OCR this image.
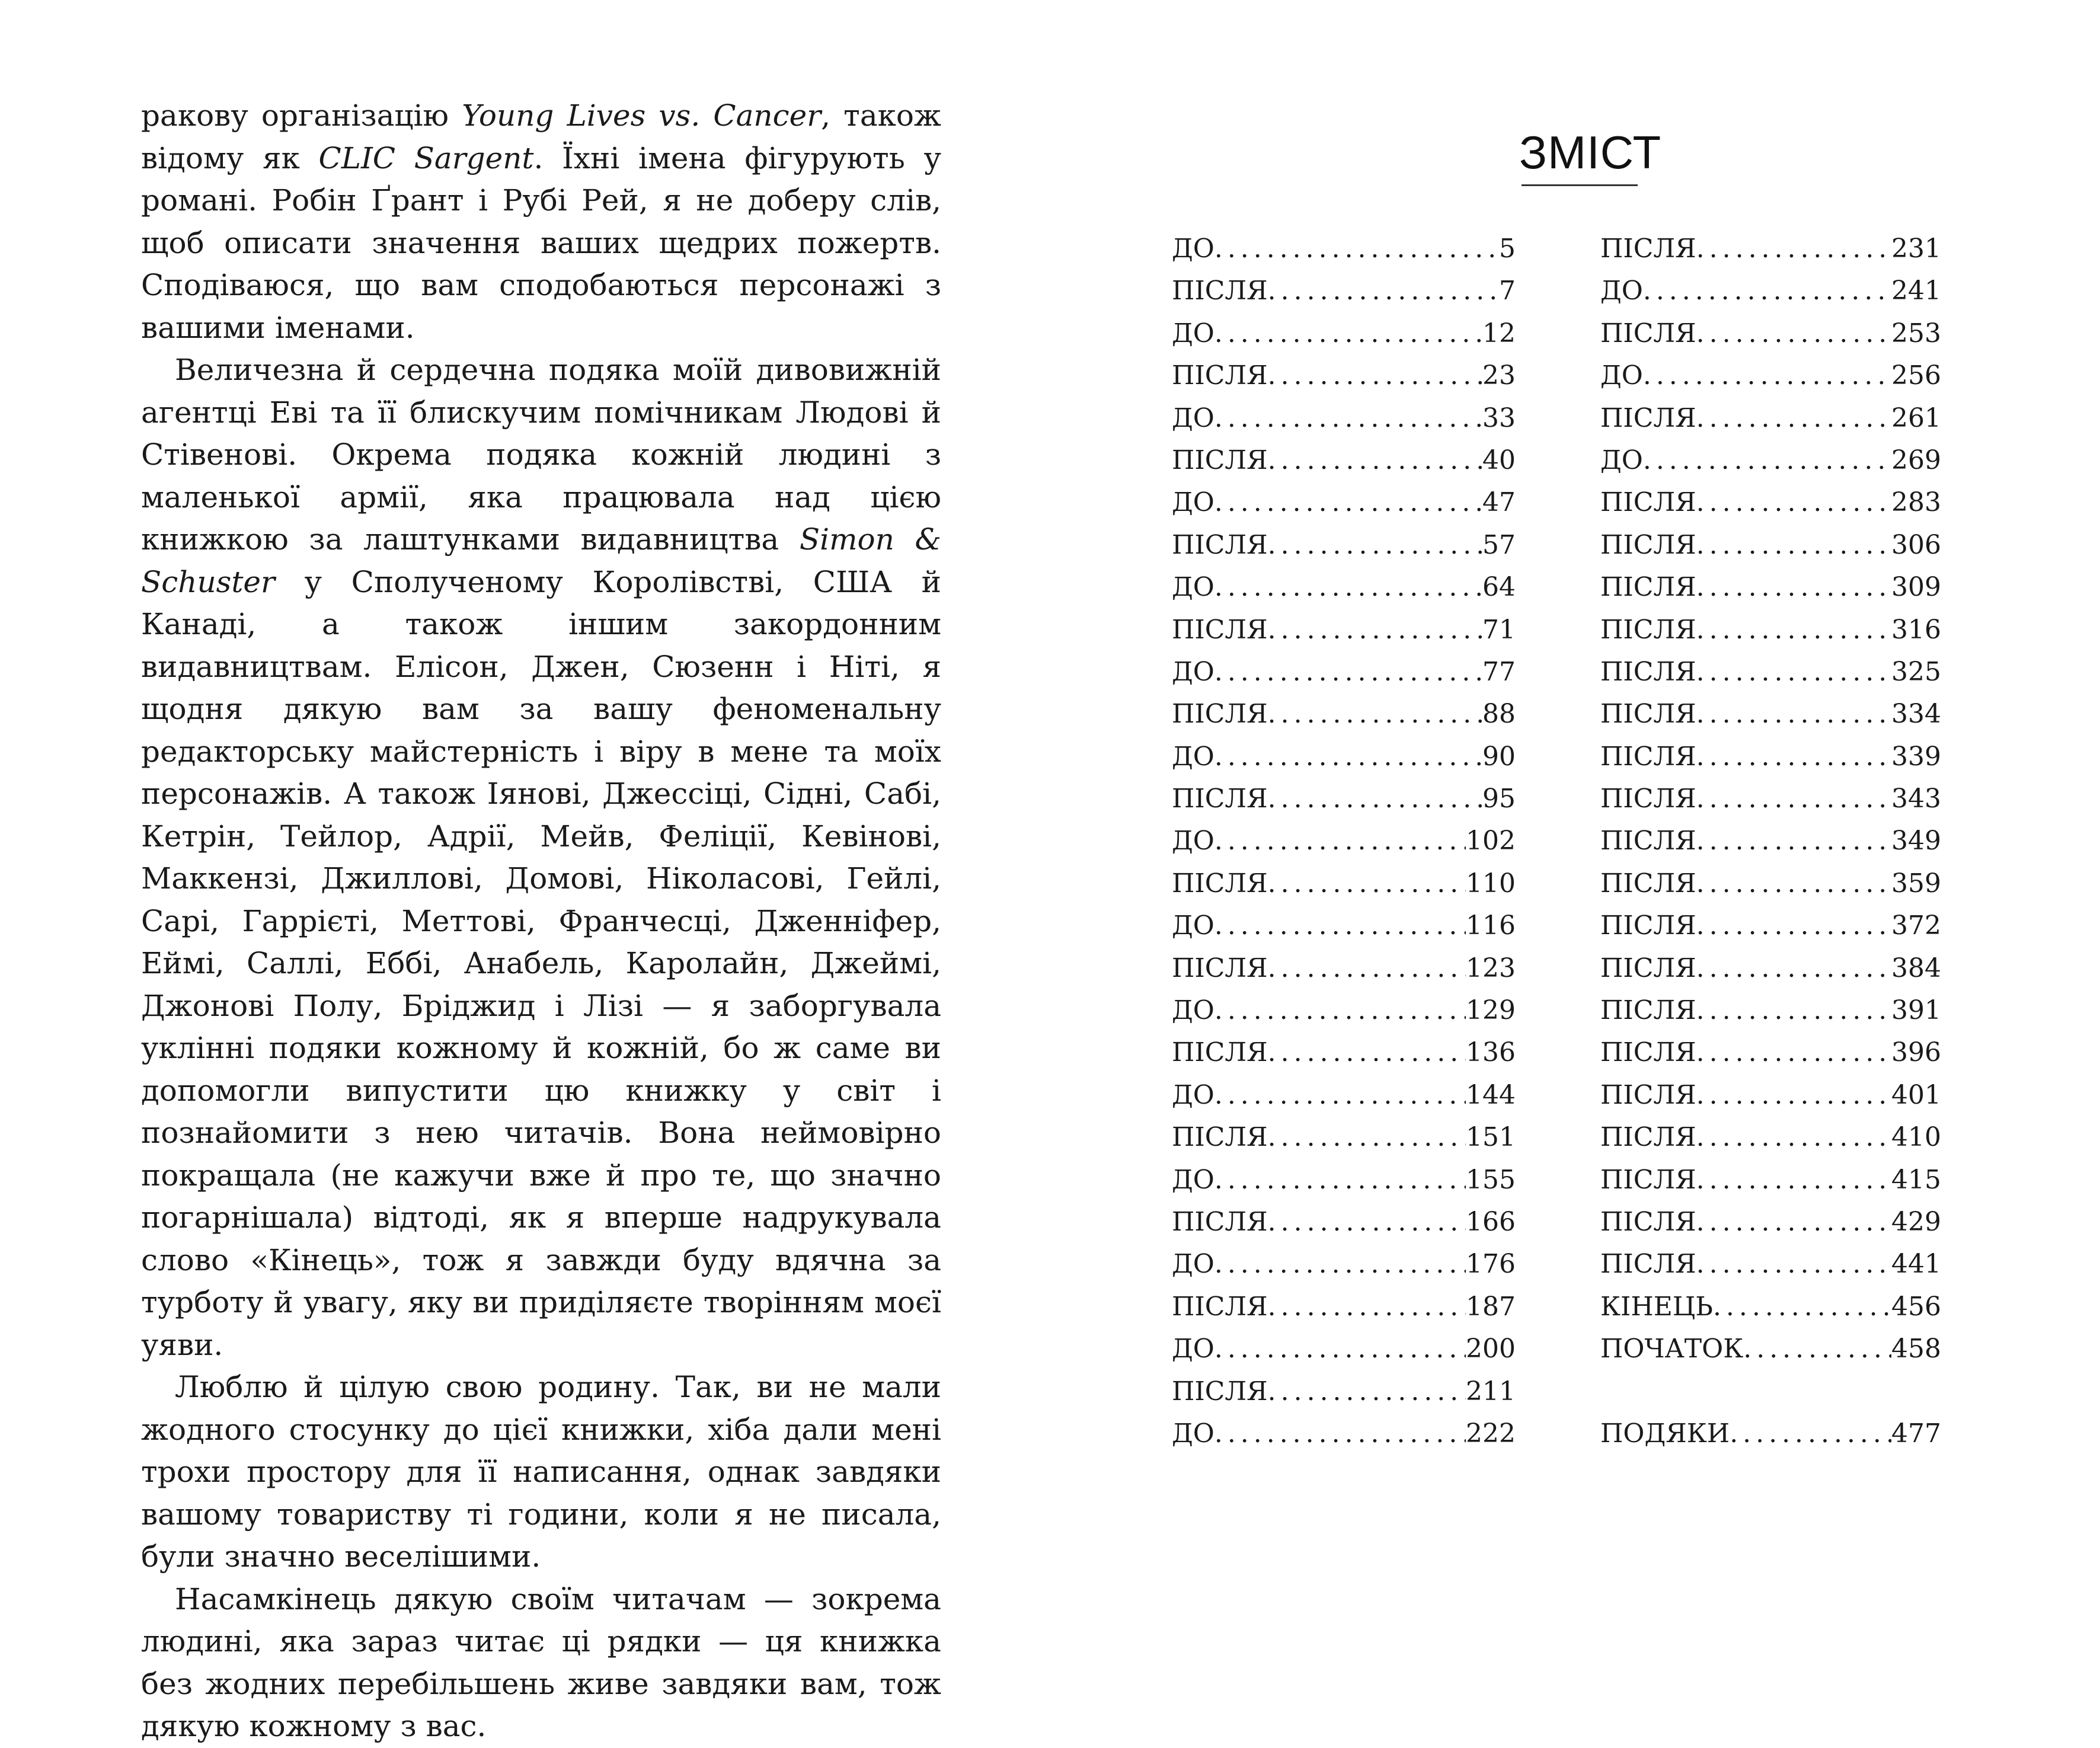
ракову організацію Young Lives vs. Cancer, також відому як CLIC Sargent. Їхні імена фігурують у романі. Робін Ґрант і Рубі Рей, я не доберу слів, щоб описати значення ваших щедрих пожертв. Сподіваюся, що вам сподобаються персонажі з вашими іменами.

Величезна й сердечна подяка моїй дивовижній агентці Еві та її блискучим помічникам Людові й Стівенові. Окрема подяка кожній людині з маленької армії, яка працювала над цією книжкою за лаштунками видавництва Simon & Schuster у Сполученому Королівстві, США й Канаді, а також іншим закордонним видавництвам. Елісон, Джен, Сюзенн і Ніті, я щодня дякую вам за вашу феноменальну редакторську майстерність і віру в мене та моїх персонажів. А також Іянові, Джессіці, Сідні, Сабі, Кетрін, Тейлор, Адрії, Мейв, Феліції, Кевінові, Маккензі, Джиллові, Домові, Ніколасові, Гейлі, Сарі, Гаррієті, Меттові, Франчесці, Дженніфер, Еймі, Саллі, Еббі, Анабель, Каролайн, Джеймі, Джонові Полу, Бріджид і Лізі — я заборгувала уклінні подяки кожному й кожній, бо ж саме ви допомогли випустити цю книжку у світ і познайомити з нею читачів. Вона неймовірно покращала (не кажучи вже й про те, що значно погарнішала) відтоді, як я вперше надрукувала слово «Кінець», тож я завжди буду вдячна за турботу й увагу, яку ви приділяєте творінням моєї уяви.

Люблю й цілую свою родину. Так, ви не мали жодного стосунку до цієї книжки, хіба дали мені трохи простору для її написання, однак завдяки вашому товариству ті години, коли я не писала, були значно веселішими.

Насамкінець дякую своїм читачам — зокрема людині, яка зараз читає ці рядки — ця книжка без жодних перебільшень живе завдяки вам, тож дякую кожному з вас.

ЗМІСТ
ДО . . .	5
ПІСЛЯ . . .	7
ДО . . .	12
ПІСЛЯ . . .	23
ДО . . .	33
ПІСЛЯ . . .	40
ДО . . .	47
ПІСЛЯ . . .	57
ДО . . .	64
ПІСЛЯ . . .	71
ДО . . .	77
ПІСЛЯ . . .	88
ДО . . .	90
ПІСЛЯ . . .	95
ДО . . .	102
ПІСЛЯ . . .	110
ДО . . .	116
ПІСЛЯ . . .	123
ДО . . .	129
ПІСЛЯ . . .	136
ДО . . .	144
ПІСЛЯ . . .	151
ДО . . .	155
ПІСЛЯ . . .	166
ДО . . .	176
ПІСЛЯ . . .	187
ДО . . .	200
ПІСЛЯ . . .	211
ДО . . .	222
ПІСЛЯ . . .	231
ДО . . .	241
ПІСЛЯ . . .	253
ДО . . .	256
ПІСЛЯ . . .	261
ДО . . .	269
ПІСЛЯ . . .	283
ПІСЛЯ . . .	306
ПІСЛЯ . . .	309
ПІСЛЯ . . .	316
ПІСЛЯ . . .	325
ПІСЛЯ . . .	334
ПІСЛЯ . . .	339
ПІСЛЯ . . .	343
ПІСЛЯ . . .	349
ПІСЛЯ . . .	359
ПІСЛЯ . . .	372
ПІСЛЯ . . .	384
ПІСЛЯ . . .	391
ПІСЛЯ . . .	396
ПІСЛЯ . . .	401
ПІСЛЯ . . .	410
ПІСЛЯ . . .	415
ПІСЛЯ . . .	429
ПІСЛЯ . . .	441
КІНЕЦЬ . . .	456
ПОЧАТОК . . .	458
ПОДЯКИ . . .	477
